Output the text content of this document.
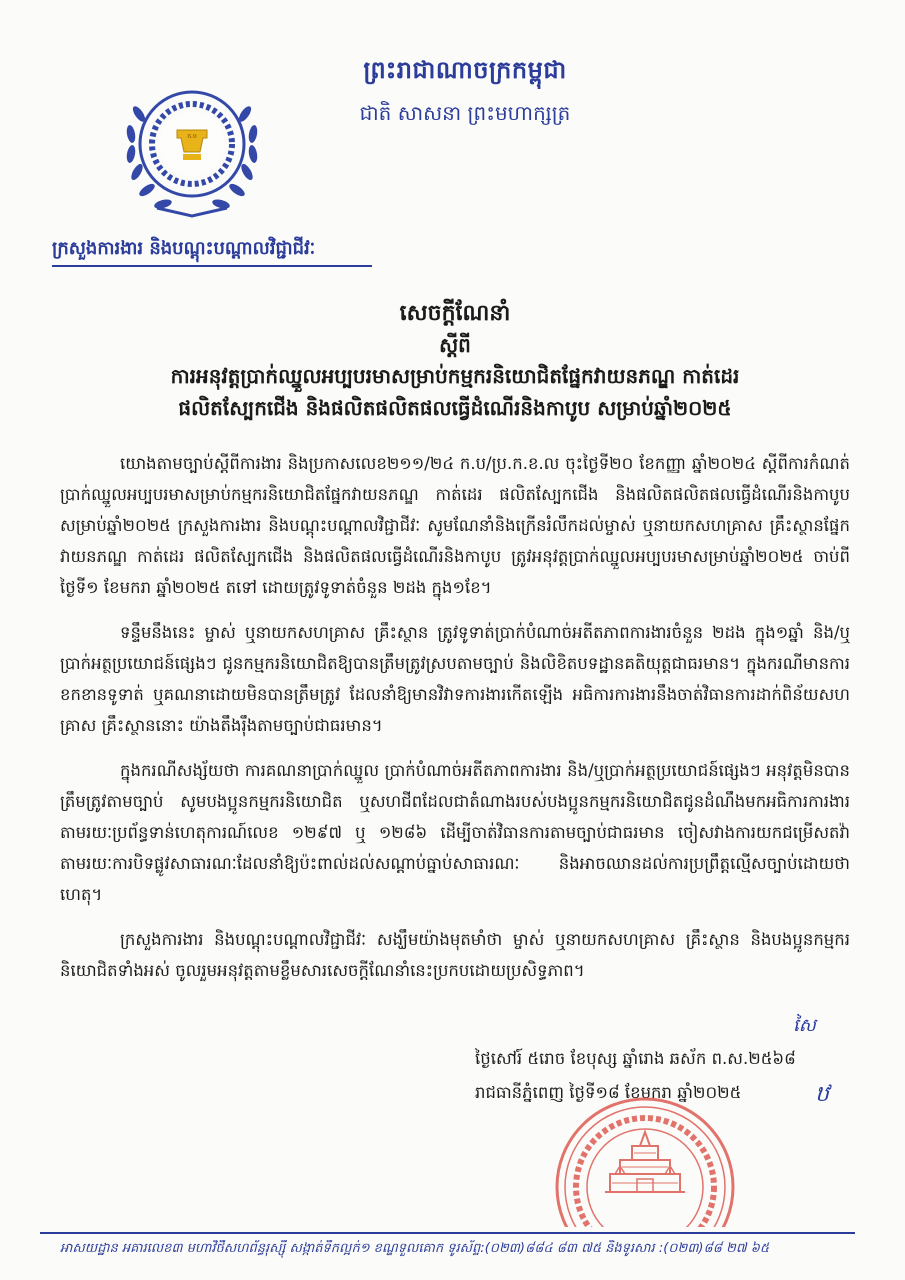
ព្រះរាជាណាចក្រកម្ពុជា
ជាតិ សាសនា ព្រះមហាក្សត្រ
ក.ប
ក្រសួងការងារ និងបណ្តុះបណ្តាលវិជ្ជាជីវៈ
សេចក្តីណែនាំ
ស្តីពី
ការអនុវត្តប្រាក់ឈ្នួលអប្បបរមាសម្រាប់កម្មករនិយោជិតផ្នែកវាយនភណ្ឌ កាត់ដេរ
ផលិតស្បែកជើង និងផលិតផលិតផលធ្វើដំណើរនិងកាបូប សម្រាប់ឆ្នាំ២០២៥

យោងតាមច្បាប់ស្តីពីការងារ និងប្រកាសលេខ២១១/២៤ ក.ប/ប្រ.ក.ខ.ល ចុះថ្ងៃទី២០ ខែកញ្ញា ឆ្នាំ២០២៤ ស្តីពីការកំណត់ប្រាក់ឈ្នួលអប្បបរមាសម្រាប់កម្មករនិយោជិតផ្នែកវាយនភណ្ឌ កាត់ដេរ ផលិតស្បែកជើង និងផលិតផលិតផលធ្វើដំណើរនិងកាបូប សម្រាប់ឆ្នាំ២០២៥ ក្រសួងការងារ និងបណ្តុះបណ្តាលវិជ្ជាជីវៈ សូមណែនាំនិងក្រើនរំលឹកដល់ម្ចាស់ ឬនាយកសហគ្រាស គ្រឹះស្ថានផ្នែកវាយនភណ្ឌ កាត់ដេរ ផលិតស្បែកជើង និងផលិតផលធ្វើដំណើរនិងកាបូប ត្រូវអនុវត្តប្រាក់ឈ្នួលអប្បបរមាសម្រាប់ឆ្នាំ២០២៥ ចាប់ពីថ្ងៃទី១ ខែមករា ឆ្នាំ២០២៥ តទៅ ដោយត្រូវទូទាត់ចំនួន ២ដង ក្នុង១ខែ។

ទន្ទឹមនឹងនេះ ម្ចាស់ ឬនាយកសហគ្រាស គ្រឹះស្ថាន ត្រូវទូទាត់ប្រាក់បំណាច់អតីតភាពការងារចំនួន ២ដង ក្នុង១ឆ្នាំ និង/ឬប្រាក់អត្ថប្រយោជន៍ផ្សេងៗ ជូនកម្មករនិយោជិតឱ្យបានត្រឹមត្រូវស្របតាមច្បាប់ និងលិខិតបទដ្ឋានគតិយុត្តជាធរមាន។ ក្នុងករណីមានការខកខានទូទាត់ ឬគណនាដោយមិនបានត្រឹមត្រូវ ដែលនាំឱ្យមានវិវាទការងារកើតឡើង អធិការការងារនឹងចាត់វិធានការដាក់ពិន័យសហគ្រាស គ្រឹះស្ថាននោះ យ៉ាងតឹងរ៉ឹងតាមច្បាប់ជាធរមាន។

ក្នុងករណីសង្ស័យថា ការគណនាប្រាក់ឈ្នួល ប្រាក់បំណាច់អតីតភាពការងារ និង/ឬប្រាក់អត្ថប្រយោជន៍ផ្សេងៗ អនុវត្តមិនបានត្រឹមត្រូវតាមច្បាប់ សូមបងប្អូនកម្មករនិយោជិត ឬសហជីពដែលជាតំណាងរបស់បងប្អូនកម្មករនិយោជិតជូនដំណឹងមកអធិការការងារ តាមរយៈប្រព័ន្ធទាន់ហេតុការណ៍លេខ ១២៩៧ ឬ ១២៨៦ ដើម្បីចាត់វិធានការតាមច្បាប់ជាធរមាន ចៀសវាងការយកជម្រើសតវ៉ាតាមរយៈការបិទផ្លូវសាធារណៈដែលនាំឱ្យប៉ះពាល់ដល់សណ្តាប់ធ្នាប់សាធារណៈ និងអាចឈានដល់ការប្រព្រឹត្តល្មើសច្បាប់ដោយថាហេតុ។

ក្រសួងការងារ និងបណ្តុះបណ្តាលវិជ្ជាជីវៈ សង្ឃឹមយ៉ាងមុតមាំថា ម្ចាស់ ឬនាយកសហគ្រាស គ្រឹះស្ថាន និងបងប្អូនកម្មករនិយោជិតទាំងអស់ ចូលរួមអនុវត្តតាមខ្លឹមសារសេចក្តីណែនាំនេះប្រកបដោយប្រសិទ្ធភាព។

សៃ
ថ្ងៃសៅរ៍ ៥រោច ខែបុស្ស ឆ្នាំរោង ឆស័ក ព.ស.២៥៦៨
រាជធានីភ្នំពេញ ថ្ងៃទី១៨ ខែមករា ឆ្នាំ២០២៥	ឋ
អាសយដ្ឋាន អគារលេខ៣ មហាវិថីសហព័ន្ធរុស្ស៊ី សង្កាត់ទឹកល្អក់១ ខណ្ឌទួលគោក ទូរស័ព្ទ:(០២៣)៨៨៤ ៨៣ ៧៥ និងទូរសារ :(០២៣)៨៨ ២៧ ៦៥
